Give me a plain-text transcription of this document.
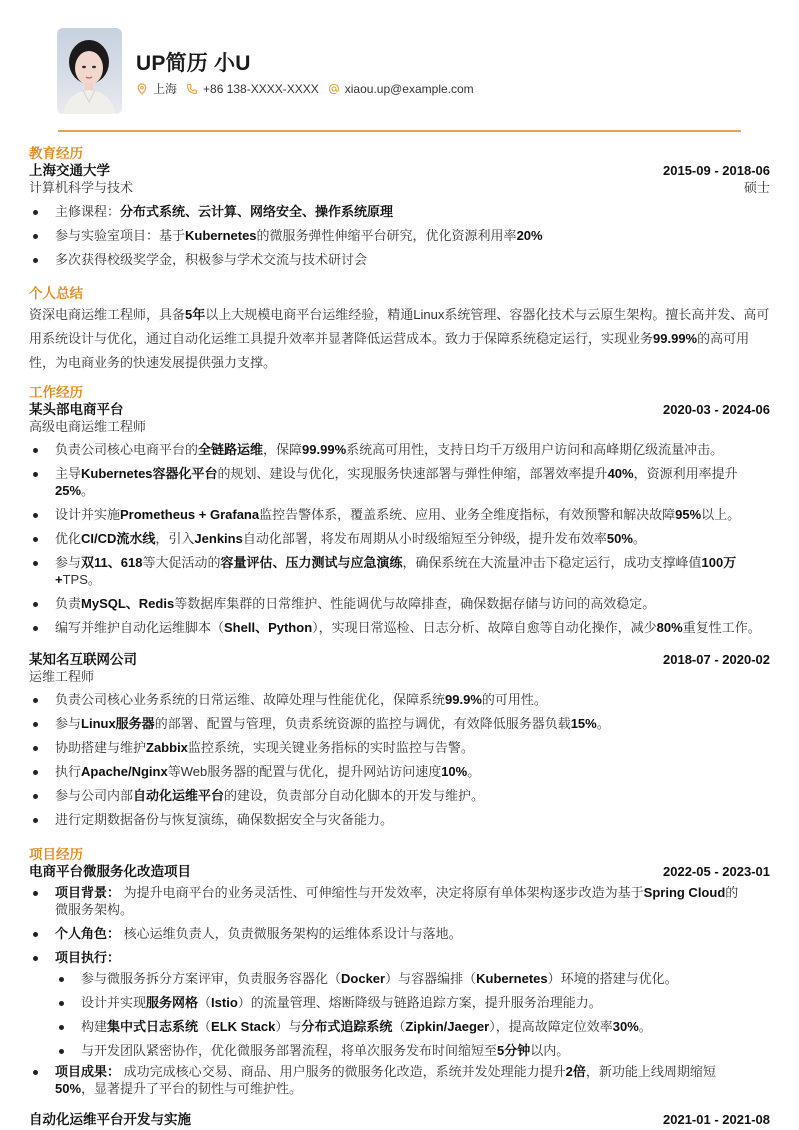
UP简历 小U
上海 +86 138-XXXX-XXXX xiaou.up@example.com
教育经历
上海交通大学	2015-09 - 2018-06
计算机科学与技术	硕士
主修课程：分布式系统、云计算、网络安全、操作系统原理
参与实验室项目：基于Kubernetes的微服务弹性伸缩平台研究，优化资源利用率20%
多次获得校级奖学金，积极参与学术交流与技术研讨会
个人总结
资深电商运维工程师，具备5年以上大规模电商平台运维经验，精通Linux系统管理、容器化技术与云原生架构。擅长高并发、高可用系统设计与优化，通过自动化运维工具提升效率并显著降低运营成本。致力于保障系统稳定运行，实现业务99.99%的高可用性，为电商业务的快速发展提供强力支撑。
工作经历
某头部电商平台	2020-03 - 2024-06
高级电商运维工程师
负责公司核心电商平台的全链路运维，保障99.99%系统高可用性，支持日均千万级用户访问和高峰期亿级流量冲击。
主导Kubernetes容器化平台的规划、建设与优化，实现服务快速部署与弹性伸缩，部署效率提升40%，资源利用率提升25%。
设计并实施Prometheus + Grafana监控告警体系，覆盖系统、应用、业务全维度指标，有效预警和解决故障95%以上。
优化CI/CD流水线，引入Jenkins自动化部署，将发布周期从小时级缩短至分钟级，提升发布效率50%。
参与双11、618等大促活动的容量评估、压力测试与应急演练，确保系统在大流量冲击下稳定运行，成功支撑峰值100万+TPS。
负责MySQL、Redis等数据库集群的日常维护、性能调优与故障排查，确保数据存储与访问的高效稳定。
编写并维护自动化运维脚本（Shell、Python），实现日常巡检、日志分析、故障自愈等自动化操作，减少80%重复性工作。
某知名互联网公司	2018-07 - 2020-02
运维工程师
负责公司核心业务系统的日常运维、故障处理与性能优化，保障系统99.9%的可用性。
参与Linux服务器的部署、配置与管理，负责系统资源的监控与调优，有效降低服务器负载15%。
协助搭建与维护Zabbix监控系统，实现关键业务指标的实时监控与告警。
执行Apache/Nginx等Web服务器的配置与优化，提升网站访问速度10%。
参与公司内部自动化运维平台的建设，负责部分自动化脚本的开发与维护。
进行定期数据备份与恢复演练，确保数据安全与灾备能力。
项目经历
电商平台微服务化改造项目	2022-05 - 2023-01
项目背景： 为提升电商平台的业务灵活性、可伸缩性与开发效率，决定将原有单体架构逐步改造为基于Spring Cloud的微服务架构。
个人角色： 核心运维负责人，负责微服务架构的运维体系设计与落地。
项目执行：
参与微服务拆分方案评审，负责服务容器化（Docker）与容器编排（Kubernetes）环境的搭建与优化。
设计并实现服务网格（Istio）的流量管理、熔断降级与链路追踪方案，提升服务治理能力。
构建集中式日志系统（ELK Stack）与分布式追踪系统（Zipkin/Jaeger），提高故障定位效率30%。
与开发团队紧密协作，优化微服务部署流程，将单次服务发布时间缩短至5分钟以内。
项目成果： 成功完成核心交易、商品、用户服务的微服务化改造，系统并发处理能力提升2倍，新功能上线周期缩短50%，显著提升了平台的韧性与可维护性。
自动化运维平台开发与实施	2021-01 - 2021-08
